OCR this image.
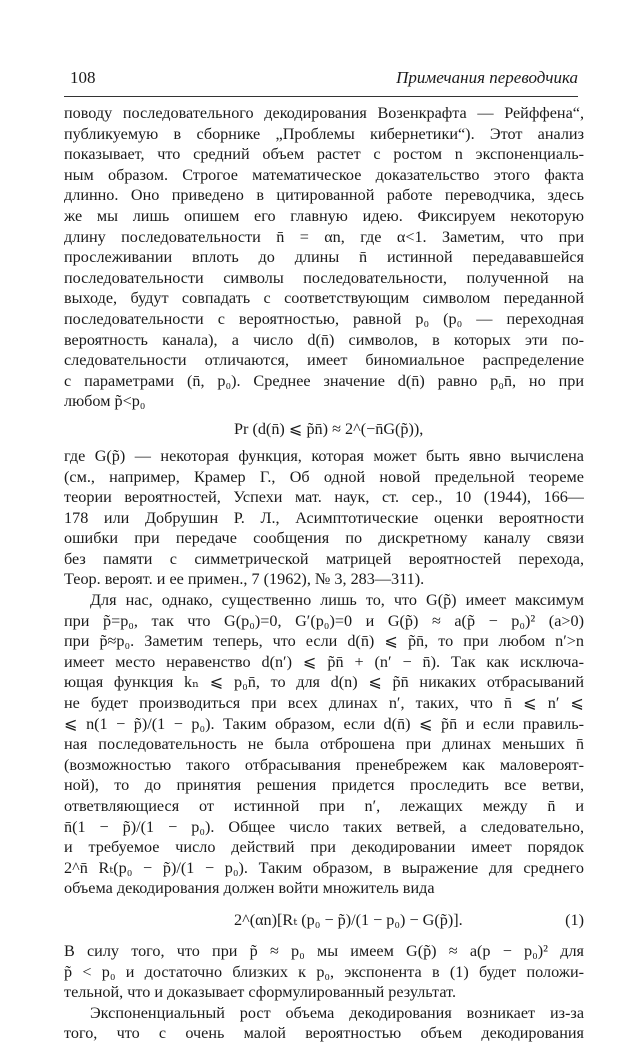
108	Примечания переводчика
поводу последовательного декодирования Возенкрафта — Рейффена“,
публикуемую в сборнике „Проблемы кибернетики“). Этот анализ
показывает, что средний объем растет с ростом n экспоненциаль-
ным образом. Строгое математическое доказательство этого факта
длинно. Оно приведено в цитированной работе переводчика, здесь
же мы лишь опишем его главную идею. Фиксируем некоторую
длину последовательности n̄ = αn, где α<1. Заметим, что при
прослеживании вплоть до длины n̄ истинной передававшейся
последовательности символы последовательности, полученной на
выходе, будут совпадать с соответствующим символом переданной
последовательности с вероятностью, равной p₀ (p₀ — переходная
вероятность канала), а число d(n̄) символов, в которых эти по-
следовательности отличаются, имеет биномиальное распределение
с параметрами (n̄, p₀). Среднее значение d(n̄) равно p₀n̄, но при
любом p̃<p₀
Pr (d(n̄) ⩽ p̃n̄) ≈ 2^(−n̄G(p̃)),
где G(p̃) — некоторая функция, которая может быть явно вычислена
(см., например, Крамер Г., Об одной новой предельной теореме
теории вероятностей, Успехи мат. наук, ст. сер., 10 (1944), 166—
178 или Добрушин Р. Л., Асимптотические оценки вероятности
ошибки при передаче сообщения по дискретному каналу связи
без памяти с симметрической матрицей вероятностей перехода,
Теор. вероят. и ее примен., 7 (1962), № 3, 283—311).
Для нас, однако, существенно лишь то, что G(p̃) имеет максимум
при p̃=p₀, так что G(p₀)=0, G′(p₀)=0 и G(p̃) ≈ a(p̃ − p₀)² (a>0)
при p̃≈p₀. Заметим теперь, что если d(n̄) ⩽ p̃n̄, то при любом n′>n
имеет место неравенство d(n′) ⩽ p̃n̄ + (n′ − n̄). Так как исключа-
ющая функция kₙ ⩽ p₀n̄, то для d(n) ⩽ p̃n̄ никаких отбрасываний
не будет производиться при всех длинах n′, таких, что n̄ ⩽ n′ ⩽
⩽ n(1 − p̃)/(1 − p₀). Таким образом, если d(n̄) ⩽ p̃n̄ и если правиль-
ная последовательность не была отброшена при длинах меньших n̄
(возможностью такого отбрасывания пренебрежем как маловероят-
ной), то до принятия решения придется проследить все ветви,
ответвляющиеся от истинной при n′, лежащих между n̄ и
n̄(1 − p̃)/(1 − p₀). Общее число таких ветвей, а следовательно,
и требуемое число действий при декодировании имеет порядок
2^n̄ Rₜ(p₀ − p̃)/(1 − p₀). Таким образом, в выражение для среднего
объема декодирования должен войти множитель вида
2^(αn)[Rₜ (p₀ − p̃)/(1 − p₀) − G(p̃)].	(1)
В силу того, что при p̃ ≈ p₀ мы имеем G(p̃) ≈ a(p − p₀)² для
p̃ < p₀ и достаточно близких к p₀, экспонента в (1) будет положи-
тельной, что и доказывает сформулированный результат.
Экспоненциальный рост объема декодирования возникает из-за
того, что с очень малой вероятностью объем декодирования
